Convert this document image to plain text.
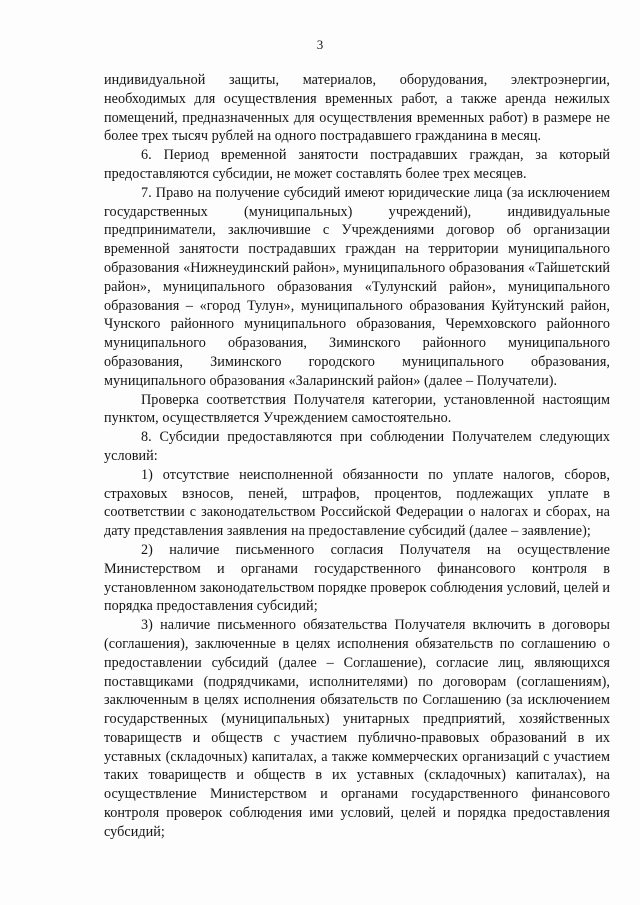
3

индивидуальной защиты, материалов, оборудования, электроэнергии, необходимых для осуществления временных работ, а также аренда нежилых помещений, предназначенных для осуществления временных работ) в размере не более трех тысяч рублей на одного пострадавшего гражданина в месяц.

6. Период временной занятости пострадавших граждан, за который предоставляются субсидии, не может составлять более трех месяцев.

7. Право на получение субсидий имеют юридические лица (за исключением государственных (муниципальных) учреждений), индивидуальные предприниматели, заключившие с Учреждениями договор об организации временной занятости пострадавших граждан на территории муниципального образования «Нижнеудинский район», муниципального образования «Тайшетский район», муниципального образования «Тулунский район», муниципального образования – «город Тулун», муниципального образования Куйтунский район, Чунского районного муниципального образования, Черемховского районного муниципального образования, Зиминского районного муниципального образования, Зиминского городского муниципального образования, муниципального образования «Заларинский район» (далее – Получатели).

Проверка соответствия Получателя категории, установленной настоящим пунктом, осуществляется Учреждением самостоятельно.

8. Субсидии предоставляются при соблюдении Получателем следующих условий:

1) отсутствие неисполненной обязанности по уплате налогов, сборов, страховых взносов, пеней, штрафов, процентов, подлежащих уплате в соответствии с законодательством Российской Федерации о налогах и сборах, на дату представления заявления на предоставление субсидий (далее – заявление);

2) наличие письменного согласия Получателя на осуществление Министерством и органами государственного финансового контроля в установленном законодательством порядке проверок соблюдения условий, целей и порядка предоставления субсидий;

3) наличие письменного обязательства Получателя включить в договоры (соглашения), заключенные в целях исполнения обязательств по соглашению о предоставлении субсидий (далее – Соглашение), согласие лиц, являющихся поставщиками (подрядчиками, исполнителями) по договорам (соглашениям), заключенным в целях исполнения обязательств по Соглашению (за исключением государственных (муниципальных) унитарных предприятий, хозяйственных товариществ и обществ с участием публично-правовых образований в их уставных (складочных) капиталах, а также коммерческих организаций с участием таких товариществ и обществ в их уставных (складочных) капиталах), на осуществление Министерством и органами государственного финансового контроля проверок соблюдения ими условий, целей и порядка предоставления субсидий;
